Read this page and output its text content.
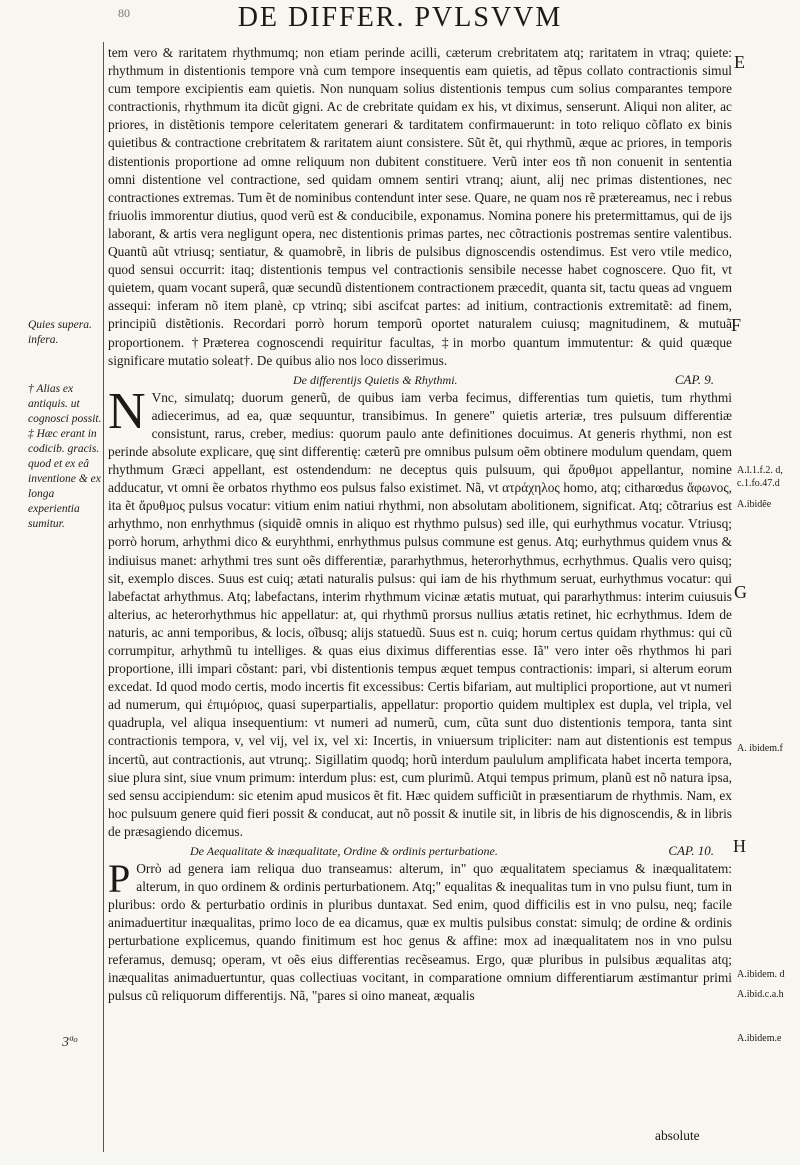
80	DE DIFFER. PVLSVVM
Quies supera. inferа.
† Alias ex antiquis. ut cognosci possit. ‡ Hæc erant in codicib. gracis. quod et ex eâ inventione & ex longa experientia sumitur.
3ªᵒ
A.l.1.f.2. d, c.1.fo.47.d
A.ibidẽe
A. ibidem.f
A.ibidem. d
A.ibid.c.a.h
A.ibidem.e
E
F
G
H

tem vero & raritatem rhythmumq; non etiam perinde acilli, cæterum crebritatem atq; raritatem in vtraq; quiete: rhythmum in distentionis tempore vnà cum tempore insequentis eam quietis, ad tẽpus collato contractionis simul cum tempore excipientis eam quietis. Non nunquam solius distentionis tempus cum solius comparantes tempore contractionis, rhythmum ita dicũt gigni. Ac de crebritate quidam ex his, vt diximus, senserunt. Aliqui non aliter, ac priores, in distẽtionis tempore celeritatem generari & tarditatem confirmauerunt: in toto reliquo cõflato ex binis quietibus & contractione crebritatem & raritatem aiunt consistere. Sũt ẽt, qui rhythmũ, æque ac priores, in temporis distentionis proportione ad omne reliquum non dubitent constituere. Verũ inter eos tñ non conuenit in sententia omni distentione vel contractione, sed quidam omnem sentiri vtranq; aiunt, alij nec primas distentiones, nec contractiones extremas. Tum ẽt de nominibus contendunt inter sese. Quare, ne quam nos rẽ prætereamus, nec i rebus friuolis immorentur diutius, quod verũ est & conducibile, exponamus. Nomina ponere his pretermittamus, qui de ijs laborant, & artis vera negligunt opera, nec distentionis primas partes, nec cõtractionis postremas sentire valentibus. Quantũ aũt vtriusq; sentiatur, & quamobrẽ, in libris de pulsibus dignoscendis ostendimus. Est vero vtile medico, quod sensui occurrit: itaq; distentionis tempus vel contractionis sensibile necesse habet cognoscere. Quo fit, vt quietem, quam vocant superâ, quæ secundũ distentionem contractionem præcedit, quanta sit, tactu queas ad vnguem assequi: inferam nõ item planè, cp vtrinq; sibi ascifcat partes: ad initium, contractionis extremitatẽ: ad finem, principiũ distẽtionis. Recordari porrò horum temporũ oportet naturalem cuiusq; magnitudinem, & mutuã proportionem. †Præterea cognoscendi requiritur facultas, ‡in morbo quantum immutentur: & quid quæque significare mutatio soleat†. De quibus alio nos loco disserimus.

De differentijs Quietis & Rhythmi.	CAP. 9.

N Vnc, simulatq; duorum generũ, de quibus iam verba fecimus, differentias tum quietis, tum rhythmi adiecerimus, ad ea, quæ sequuntur, transibimus. In genere" quietis arteriæ, tres pulsuum differentiæ consistunt, rarus, creber, medius: quorum paulo ante definitiones docuimus. At generis rhythmi, non est perinde absolute explicare, quę sint differentię: cæterũ pre omnibus pulsum oẽm obtinere modulum quendam, quem rhythmum Græci appellant, est ostendendum: ne deceptus quis pulsuum, qui ἄρυθμοι appellantur, nomine adducatur, vt omni ẽe orbatos rhythmo eos pulsus falso existimet. Nã, vt ατράχηλος homo, atq; citharœdus ἄφωνος, ita ẽt ἄρυθμος pulsus vocatur: vitium enim natiui rhythmi, non absolutam abolitionem, significat. Atq; cõtrarius est arhythmo, non enrhythmus (siquidẽ omnis in aliquo est rhythmo pulsus) sed ille, qui eurhythmus vocatur. Vtriusq; porrò horum, arhythmi dico & euryhthmi, enrhythmus pulsus commune est genus. Atq; eurhythmus quidem vnus & indiuisus manet: arhythmi tres sunt oẽs differentiæ, pararhythmus, heterorhythmus, ecrhythmus. Qualis vero quisq; sit, exemplo disces. Suus est cuiq; ætati naturalis pulsus: qui iam de his rhythmum seruat, eurhythmus vocatur: qui labefactat arhythmus. Atq; labefactans, interim rhythmum vicinæ ætatis mutuat, qui pararhythmus: interim cuiusuis alterius, ac heterorhythmus hic appellatur: at, qui rhythmũ prorsus nullius ætatis retinet, hic ecrhythmus. Idem de naturis, ac anni temporibus, & locis, oĩbusq; alijs statuedũ. Suus est n. cuiq; horum certus quidam rhythmus: qui cũ corrumpitur, arhythmũ tu intelliges. & quas eius diximus differentias esse. Iã" vero inter oẽs rhythmos hi pari proportione, illi impari cõstant: pari, vbi distentionis tempus æquet tempus contractionis: impari, si alterum eorum excedat. Id quod modo certis, modo incertis fit excessibus: Certis bifariam, aut multiplici proportione, aut vt numeri ad numerum, qui ἐπιμόριος, quasi superpartialis, appellatur: proportio quidem multiplex est dupla, vel tripla, vel quadrupla, vel aliqua insequentium: vt numeri ad numerũ, cum, cũta sunt duo distentionis tempora, tanta sint contractionis tempora, v, vel vij, vel ix, vel xi: Incertis, in vniuersum tripliciter: nam aut distentionis est tempus incertũ, aut contractionis, aut vtrunq;. Sigillatim quodq; horũ interdum paululum amplificata habet incerta tempora, siue plura sint, siue vnum primum: interdum plus: est, cum plurimũ. Atqui tempus primum, planũ est nõ natura ipsa, sed sensu accipiendum: sic etenim apud musicos ẽt fit. Hæc quidem sufficiũt in præsentiarum de rhythmis. Nam, ex hoc pulsuum genere quid fieri possit & conducat, aut nõ possit & inutile sit, in libris de his dignoscendis, & in libris de præsagiendo dicemus.

De Aequalitate & inæqualitate, Ordine & ordinis perturbatione.	CAP. 10.

P Orrò ad genera iam reliqua duo transeamus: alterum, in" quo æqualitatem speciamus & inæqualitatem: alterum, in quo ordinem & ordinis perturbationem. Atq;" equalitas & inequalitas tum in vno pulsu fiunt, tum in pluribus: ordo & perturbatio ordinis in pluribus duntaxat. Sed enim, quod difficilis est in vno pulsu, neq; facile animaduertitur inæqualitas, primo loco de ea dicamus, quæ ex multis pulsibus constat: simulq; de ordine & ordinis perturbatione explicemus, quando finitimum est hoc genus & affine: mox ad inæqualitatem nos in vno pulsu referamus, demusq; operam, vt oẽs eius differentias recẽseamus. Ergo, quæ pluribus in pulsibus æqualitas atq; inæqualitas animaduertuntur, quas collectiuas vocitant, in comparatione omnium differentiarum æstimantur primi pulsus cũ reliquorum differentijs. Nã, "pares si oino maneat, æqualis

absolute
